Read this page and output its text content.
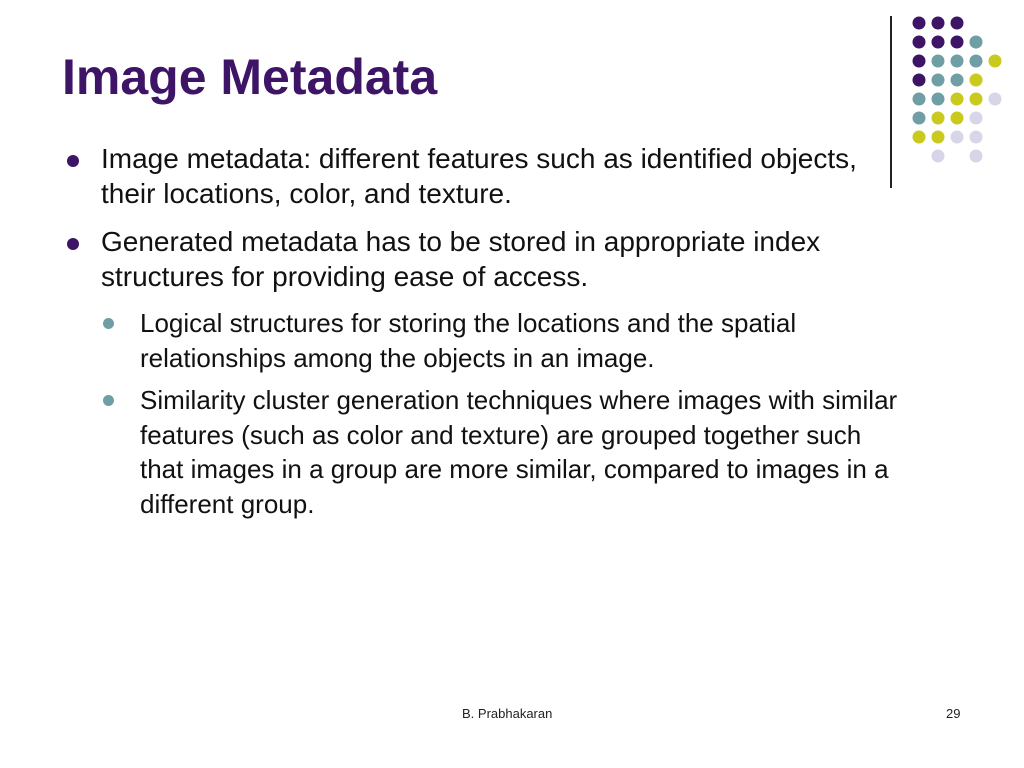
Image Metadata
Image metadata: different features such as identified objects, their locations, color, and texture.
Generated metadata has to be stored in appropriate index structures for providing ease of access.
Logical structures for storing the locations and the spatial relationships among the objects in an image.
Similarity cluster generation techniques where images with similar features (such as color and texture) are grouped together such that images in a group are more similar, compared to images in a different group.
B. Prabhakaran	29
